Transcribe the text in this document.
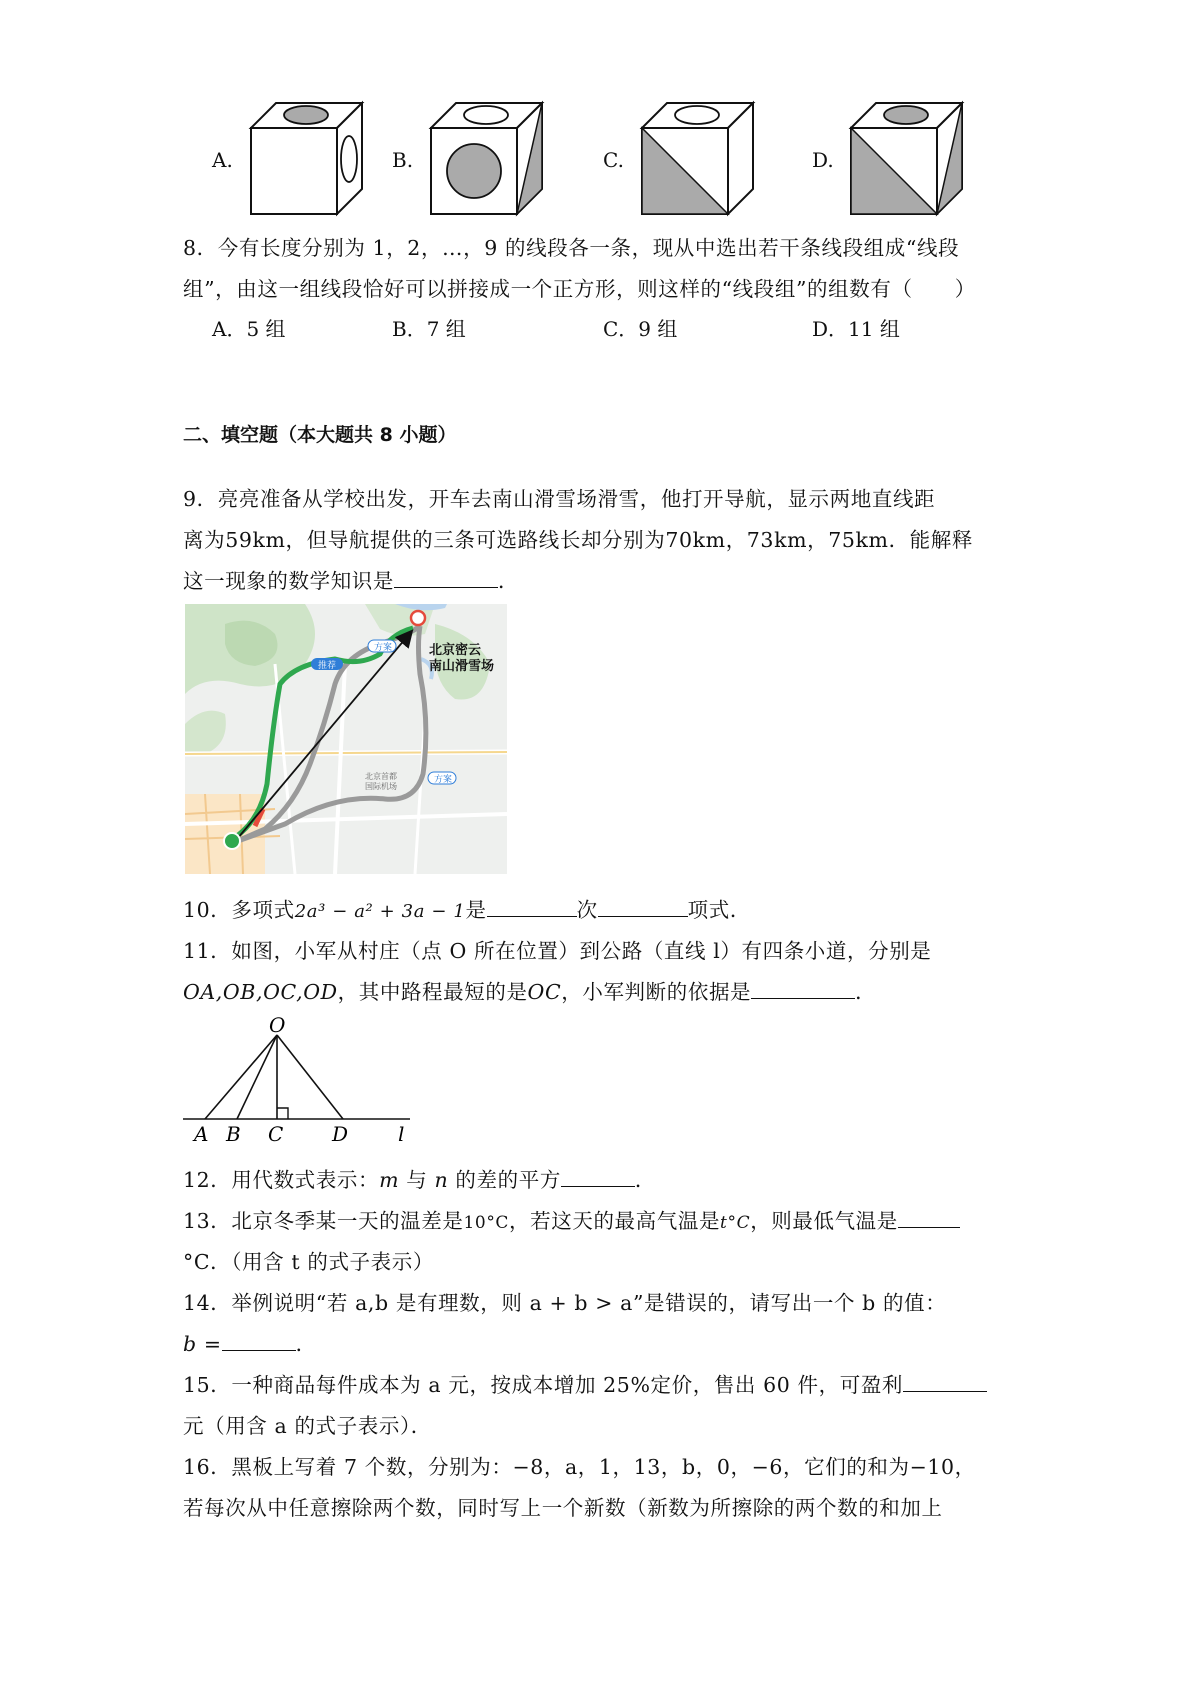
A.	B.	C.	D.
8．今有长度分别为 1，2，…，9 的线段各一条，现从中选出若干条线段组成“线段
组”，由这一组线段恰好可以拼接成一个正方形，则这样的“线段组”的组数有（　　）
A．5 组	B．7 组	C．9 组	D．11 组
二、填空题（本大题共 8 小题）
9．亮亮准备从学校出发，开车去南山滑雪场滑雪，他打开导航，显示两地直线距
离为59km，但导航提供的三条可选路线长却分别为70km，73km，75km．能解释
这一现象的数学知识是	．
北京密云
南山滑雪场
推荐
方案
方案
北京首都
国际机场
10．多项式2a³ − a² + 3a − 1是	次	项式．
11．如图，小军从村庄（点 O 所在位置）到公路（直线 l）有四条小道，分别是
OA,OB,OC,OD，其中路程最短的是OC，小军判断的依据是	．
O
A B C D l
12．用代数式表示：m 与 n 的差的平方	．
13．北京冬季某一天的温差是10°C，若这天的最高气温是t°C，则最低气温是
°C．（用含 t 的式子表示）
14．举例说明“若 a,b 是有理数，则 a + b > a”是错误的，请写出一个 b 的值：
b =	．
15．一种商品每件成本为 a 元，按成本增加 25%定价，售出 60 件，可盈利
元（用含 a 的式子表示）．
16．黑板上写着 7 个数，分别为：−8，a，1，13，b，0，−6，它们的和为−10，
若每次从中任意擦除两个数，同时写上一个新数（新数为所擦除的两个数的和加上
